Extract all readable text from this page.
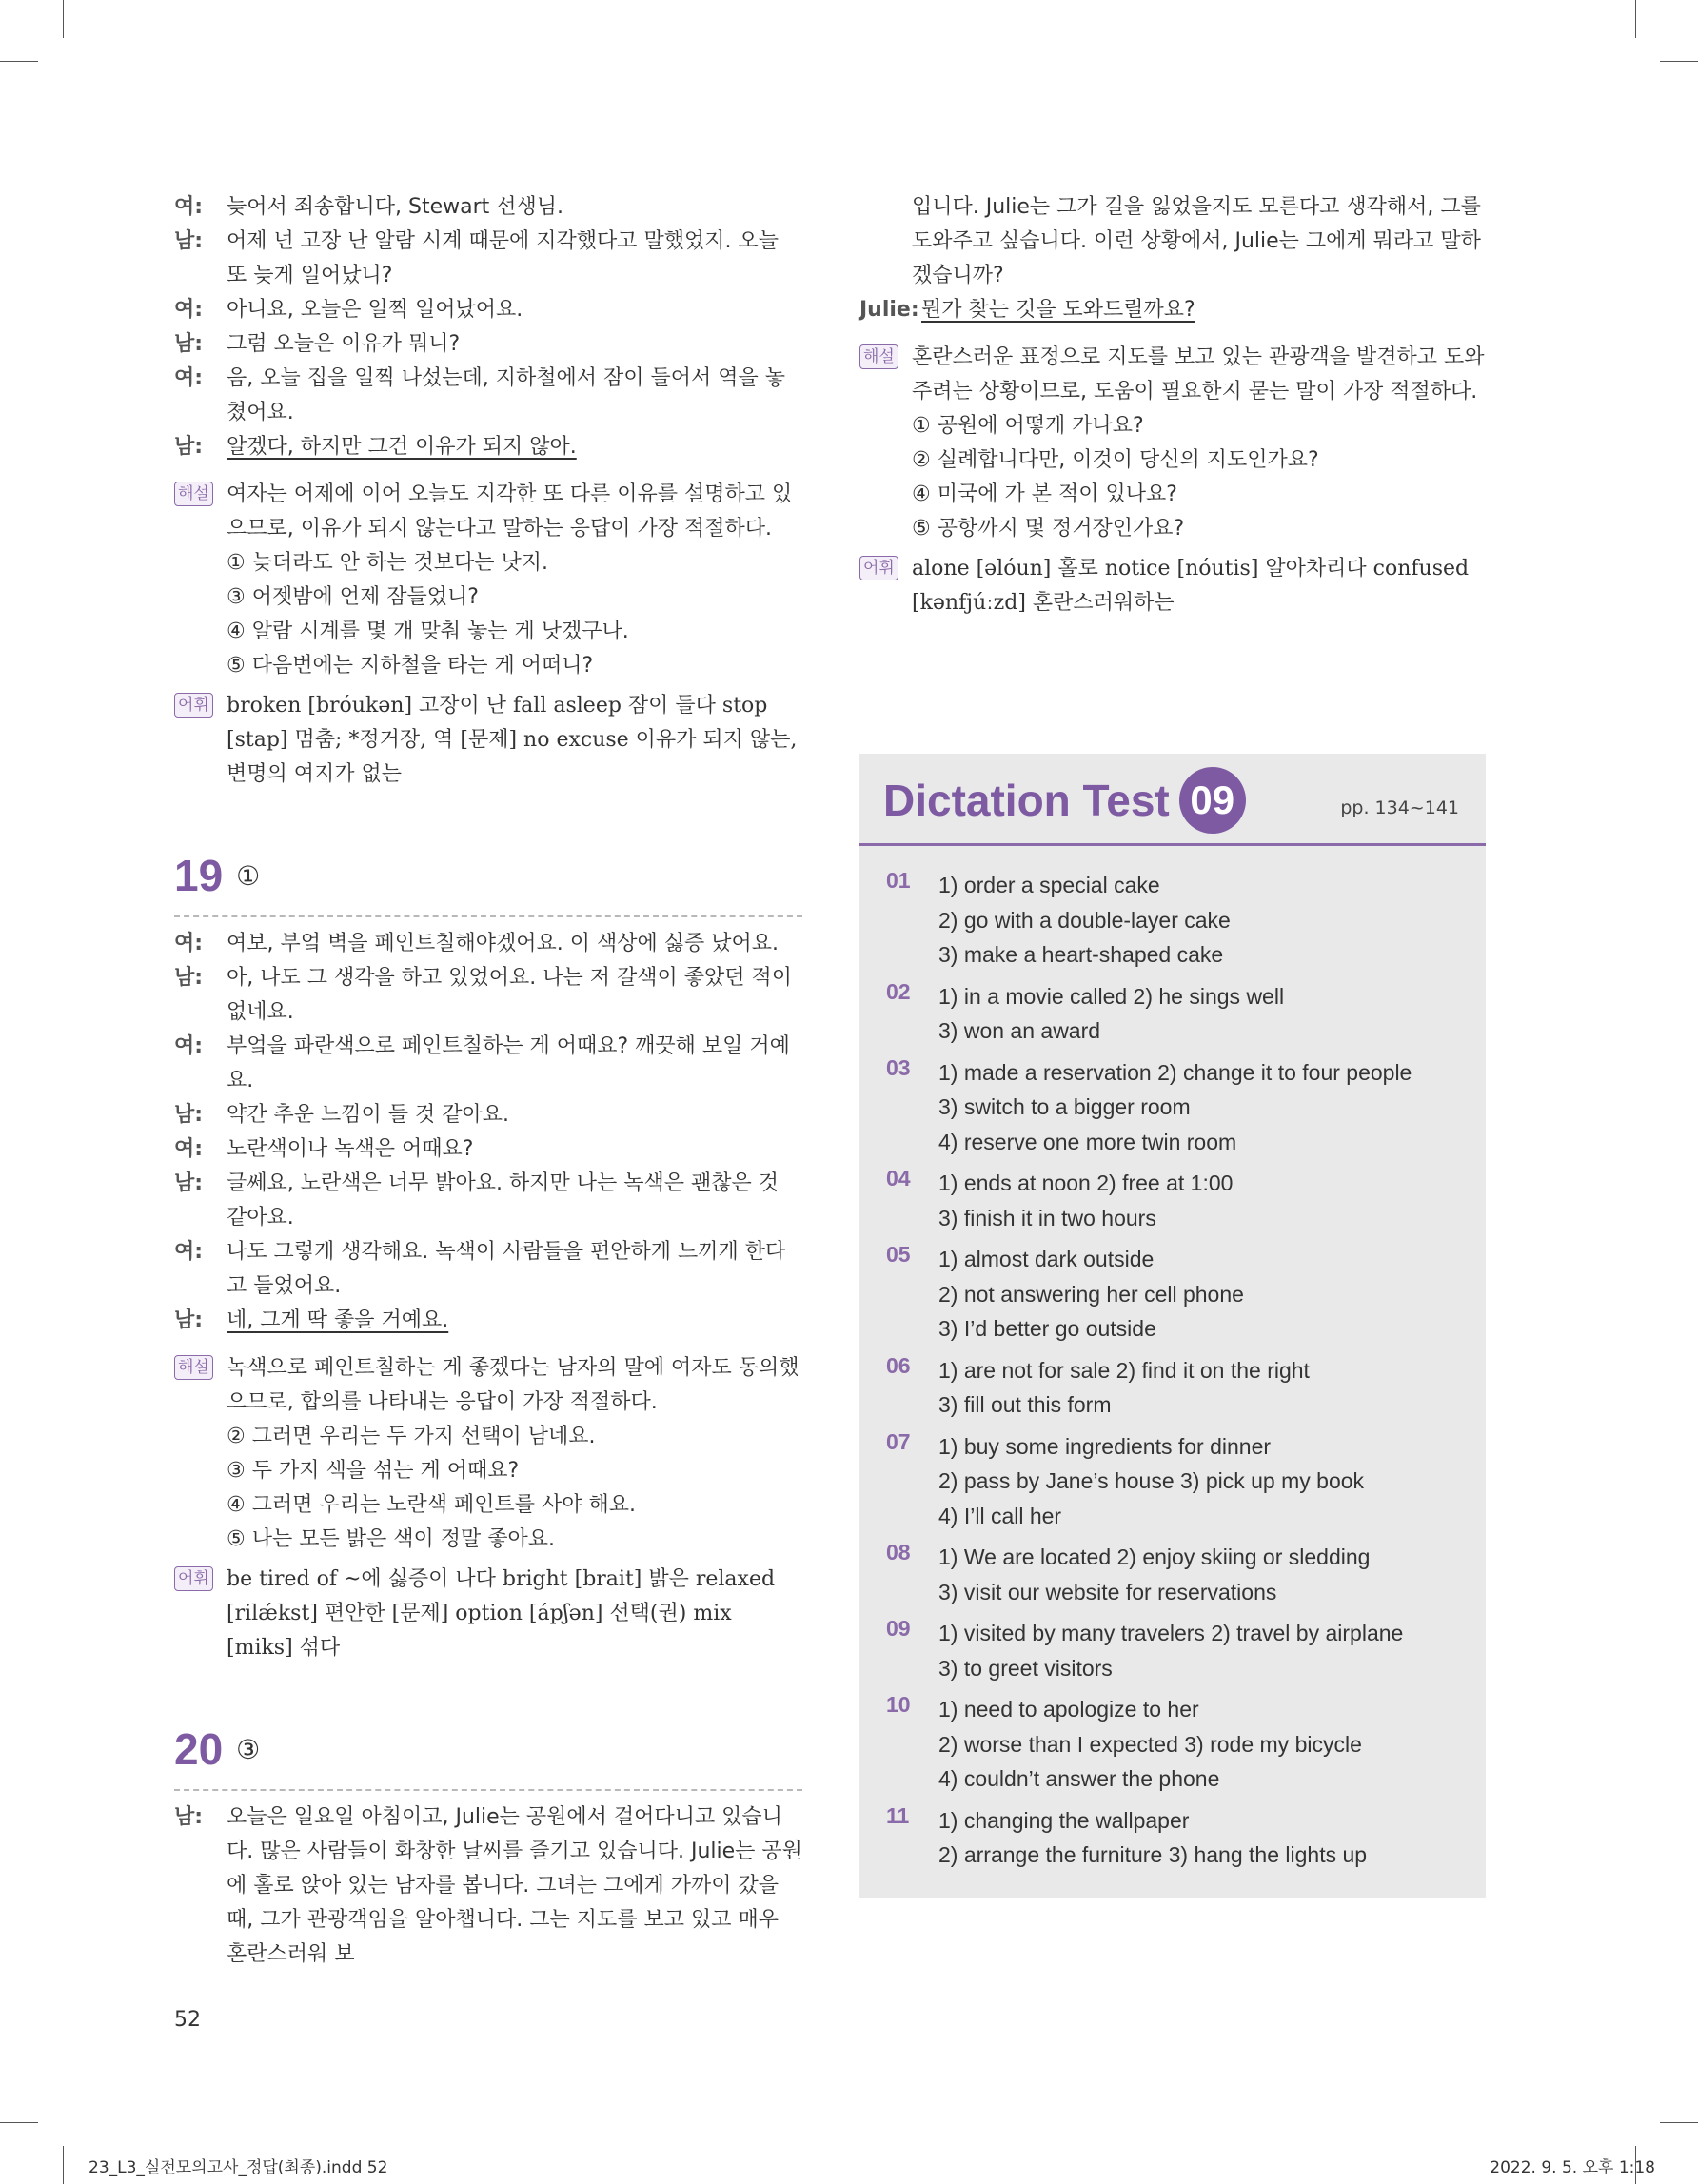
여: 늦어서 죄송합니다, Stewart 선생님.
남: 어제 넌 고장 난 알람 시계 때문에 지각했다고 말했었지. 오늘 또 늦게 일어났니?
여: 아니요, 오늘은 일찍 일어났어요.
남: 그럼 오늘은 이유가 뭐니?
여: 음, 오늘 집을 일찍 나섰는데, 지하철에서 잠이 들어서 역을 놓쳤어요.
남: 알겠다, 하지만 그건 이유가 되지 않아.
해설 여자는 어제에 이어 오늘도 지각한 또 다른 이유를 설명하고 있으므로, 이유가 되지 않는다고 말하는 응답이 가장 적절하다.
① 늦더라도 안 하는 것보다는 낫지.
③ 어젯밤에 언제 잠들었니?
④ 알람 시계를 몇 개 맞춰 놓는 게 낫겠구나.
⑤ 다음번에는 지하철을 타는 게 어떠니?
어휘 broken [bróukən] 고장이 난 fall asleep 잠이 들다 stop [stap] 멈춤; *정거장, 역 [문제] no excuse 이유가 되지 않는, 변명의 여지가 없는
19 ①
여: 여보, 부엌 벽을 페인트칠해야겠어요. 이 색상에 싫증 났어요.
남: 아, 나도 그 생각을 하고 있었어요. 나는 저 갈색이 좋았던 적이 없네요.
여: 부엌을 파란색으로 페인트칠하는 게 어때요? 깨끗해 보일 거예요.
남: 약간 추운 느낌이 들 것 같아요.
여: 노란색이나 녹색은 어때요?
남: 글쎄요, 노란색은 너무 밝아요. 하지만 나는 녹색은 괜찮은 것 같아요.
여: 나도 그렇게 생각해요. 녹색이 사람들을 편안하게 느끼게 한다고 들었어요.
남: 네, 그게 딱 좋을 거예요.
해설 녹색으로 페인트칠하는 게 좋겠다는 남자의 말에 여자도 동의했으므로, 합의를 나타내는 응답이 가장 적절하다.
② 그러면 우리는 두 가지 선택이 남네요.
③ 두 가지 색을 섞는 게 어때요?
④ 그러면 우리는 노란색 페인트를 사야 해요.
⑤ 나는 모든 밝은 색이 정말 좋아요.
어휘 be tired of ~에 싫증이 나다 bright [brait] 밝은 relaxed [rilǽkst] 편안한 [문제] option [ápʃən] 선택(권) mix [miks] 섞다
20 ③
남: 오늘은 일요일 아침이고, Julie는 공원에서 걸어다니고 있습니다. 많은 사람들이 화창한 날씨를 즐기고 있습니다. Julie는 공원에 홀로 앉아 있는 남자를 봅니다. 그녀는 그에게 가까이 갔을 때, 그가 관광객임을 알아챕니다. 그는 지도를 보고 있고 매우 혼란스러워 보
입니다. Julie는 그가 길을 잃었을지도 모른다고 생각해서, 그를 도와주고 싶습니다. 이런 상황에서, Julie는 그에게 뭐라고 말하겠습니까?
Julie: 뭔가 찾는 것을 도와드릴까요?
해설 혼란스러운 표정으로 지도를 보고 있는 관광객을 발견하고 도와주려는 상황이므로, 도움이 필요한지 묻는 말이 가장 적절하다.
① 공원에 어떻게 가나요?
② 실례합니다만, 이것이 당신의 지도인가요?
④ 미국에 가 본 적이 있나요?
⑤ 공항까지 몇 정거장인가요?
어휘 alone [əlóun] 홀로 notice [nóutis] 알아차리다 confused [kənfjúːzd] 혼란스러워하는
Dictation Test 09	pp. 134~141
01 1) order a special cake
2) go with a double-layer cake
3) make a heart-shaped cake
02 1) in a movie called 2) he sings well
3) won an award
03 1) made a reservation 2) change it to four people
3) switch to a bigger room
4) reserve one more twin room
04 1) ends at noon 2) free at 1:00
3) finish it in two hours
05 1) almost dark outside
2) not answering her cell phone
3) I’d better go outside
06 1) are not for sale 2) find it on the right
3) fill out this form
07 1) buy some ingredients for dinner
2) pass by Jane’s house 3) pick up my book
4) I’ll call her
08 1) We are located 2) enjoy skiing or sledding
3) visit our website for reservations
09 1) visited by many travelers 2) travel by airplane
3) to greet visitors
10 1) need to apologize to her
2) worse than I expected 3) rode my bicycle
4) couldn’t answer the phone
11 1) changing the wallpaper
2) arrange the furniture 3) hang the lights up
52
23_L3_실전모의고사_정답(최종).indd 52	2022. 9. 5. 오후 1:18
